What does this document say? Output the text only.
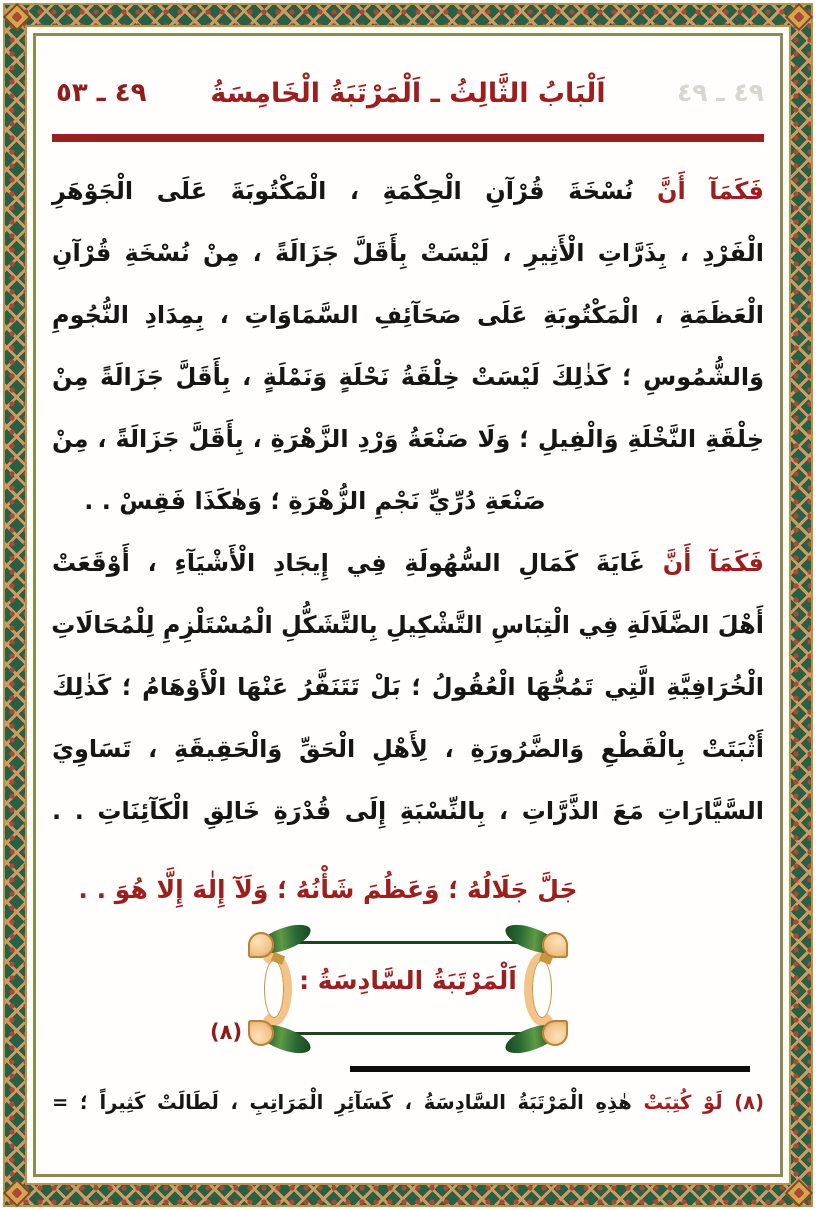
٤٩ ـ ٤٩
اَلْبَابُ الثَّالِثُ ـ اَلْمَرْتَبَةُ الْخَامِسَةُ
٤٩ ـ ٥٣
فَكَمَآ أَنَّ نُسْخَةَ قُرْآنِ الْحِكْمَةِ ، الْمَكْتُوبَةَ عَلَى الْجَوْهَرِ
الْفَرْدِ ، بِذَرَّاتِ الْأَثِيرِ ، لَيْسَتْ بِأَقَلَّ جَزَالَةً ، مِنْ نُسْخَةِ قُرْآنِ
الْعَظَمَةِ ، الْمَكْتُوبَةِ عَلَى صَحَآئِفِ السَّمَاوَاتِ ، بِمِدَادِ النُّجُومِ
وَالشُّمُوسِ ؛ كَذٰلِكَ لَيْسَتْ خِلْقَةُ نَحْلَةٍ وَنَمْلَةٍ ، بِأَقَلَّ جَزَالَةً مِنْ
خِلْقَةِ النَّخْلَةِ وَالْفِيلِ ؛ وَلَا صَنْعَةُ وَرْدِ الزَّهْرَةِ ، بِأَقَلَّ جَزَالَةً ، مِنْ
صَنْعَةِ دُرِّيِّ نَجْمِ الزُّهْرَةِ ؛ وَهٰكَذَا فَقِسْ . .
فَكَمَآ أَنَّ غَايَةَ كَمَالِ السُّهُولَةِ فِي إِيجَادِ الْأَشْيَآءِ ، أَوْقَعَتْ
أَهْلَ الضَّلَالَةِ فِي الْتِبَاسِ التَّشْكِيلِ بِالتَّشَكُّلِ الْمُسْتَلْزِمِ لِلْمُحَالَاتِ
الْخُرَافِيَّةِ الَّتِي تَمُجُّهَا الْعُقُولُ ؛ بَلْ تَتَنَفَّرُ عَنْهَا الْأَوْهَامُ ؛ كَذٰلِكَ
أَثْبَتَتْ بِالْقَطْعِ وَالضَّرُورَةِ ، لِأَهْلِ الْحَقِّ وَالْحَقِيقَةِ ، تَسَاوِيَ
السَّيَّارَاتِ مَعَ الذَّرَّاتِ ، بِالنِّسْبَةِ إِلَى قُدْرَةِ خَالِقِ الْكَآئِنَاتِ . .
جَلَّ جَلَالُهُ ؛ وَعَظُمَ شَأْنُهُ ؛ وَلَآ إِلٰهَ إِلَّا هُوَ . .
اَلْمَرْتَبَةُ السَّادِسَةُ :
(٨)
(٨) لَوْ كُتِبَتْ هٰذِهِ الْمَرْتَبَةُ السَّادِسَةُ ، كَسَآئِرِ الْمَرَاتِبِ ، لَطَالَتْ كَثِيراً ؛ =
